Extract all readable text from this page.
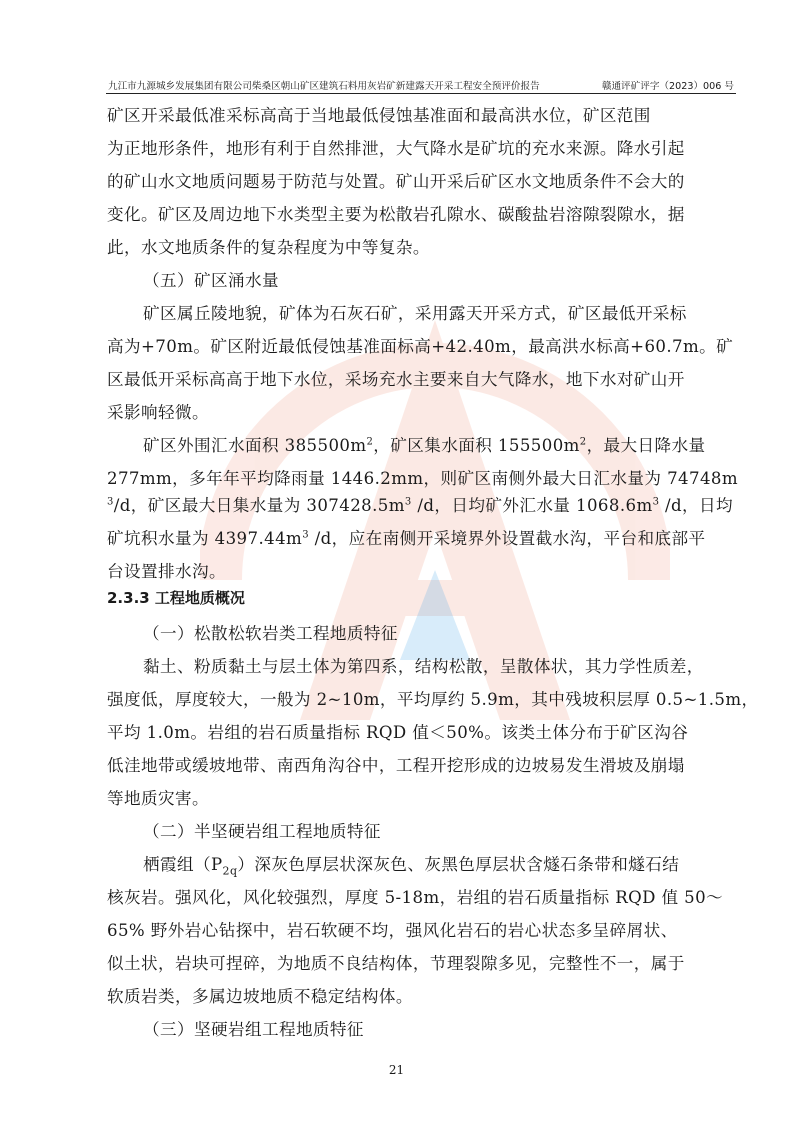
九江市九源城乡发展集团有限公司柴桑区朝山矿区建筑石料用灰岩矿新建露天开采工程安全预评价报告	赣通评矿评字（2023）006 号

矿区开采最低准采标高高于当地最低侵蚀基准面和最高洪水位，矿区范围

为正地形条件，地形有利于自然排泄，大气降水是矿坑的充水来源。降水引起

的矿山水文地质问题易于防范与处置。矿山开采后矿区水文地质条件不会大的

变化。矿区及周边地下水类型主要为松散岩孔隙水、碳酸盐岩溶隙裂隙水，据

此，水文地质条件的复杂程度为中等复杂。

（五）矿区涌水量

矿区属丘陵地貌，矿体为石灰石矿，采用露天开采方式，矿区最低开采标

高为+70m。矿区附近最低侵蚀基准面标高+42.40m，最高洪水标高+60.7m。矿

区最低开采标高高于地下水位，采场充水主要来自大气降水，地下水对矿山开

采影响轻微。

矿区外围汇水面积 $385500m^2$，矿区集水面积 $155500m^2$，最大日降水量

277mm，多年年平均降雨量 1446.2mm，则矿区南侧外最大日汇水量为 74748m

$^3$/d，矿区最大日集水量为 $307428.5m^3$ /d，日均矿外汇水量 $1068.6m^3$ /d，日均

矿坑积水量为 $4397.44m^3$ /d，应在南侧开采境界外设置截水沟，平台和底部平

台设置排水沟。

2.3.3 工程地质概况

（一）松散松软岩类工程地质特征

黏土、粉质黏土与层土体为第四系，结构松散，呈散体状，其力学性质差，

强度低，厚度较大，一般为 2~10m，平均厚约 5.9m，其中残坡积层厚 0.5~1.5m，

平均 1.0m。岩组的岩石质量指标 RQD 值＜50%。该类土体分布于矿区沟谷

低洼地带或缓坡地带、南西角沟谷中，工程开挖形成的边坡易发生滑坡及崩塌

等地质灾害。

（二）半坚硬岩组工程地质特征

栖霞组$(P_{2q})$深灰色厚层状深灰色、灰黑色厚层状含燧石条带和燧石结

核灰岩。强风化，风化较强烈，厚度 5-18m，岩组的岩石质量指标 RQD 值 50～

65% 野外岩心钻探中，岩石软硬不均，强风化岩石的岩心状态多呈碎屑状、

似土状，岩块可捏碎，为地质不良结构体，节理裂隙多见，完整性不一，属于

软质岩类，多属边坡地质不稳定结构体。

（三）坚硬岩组工程地质特征

21
